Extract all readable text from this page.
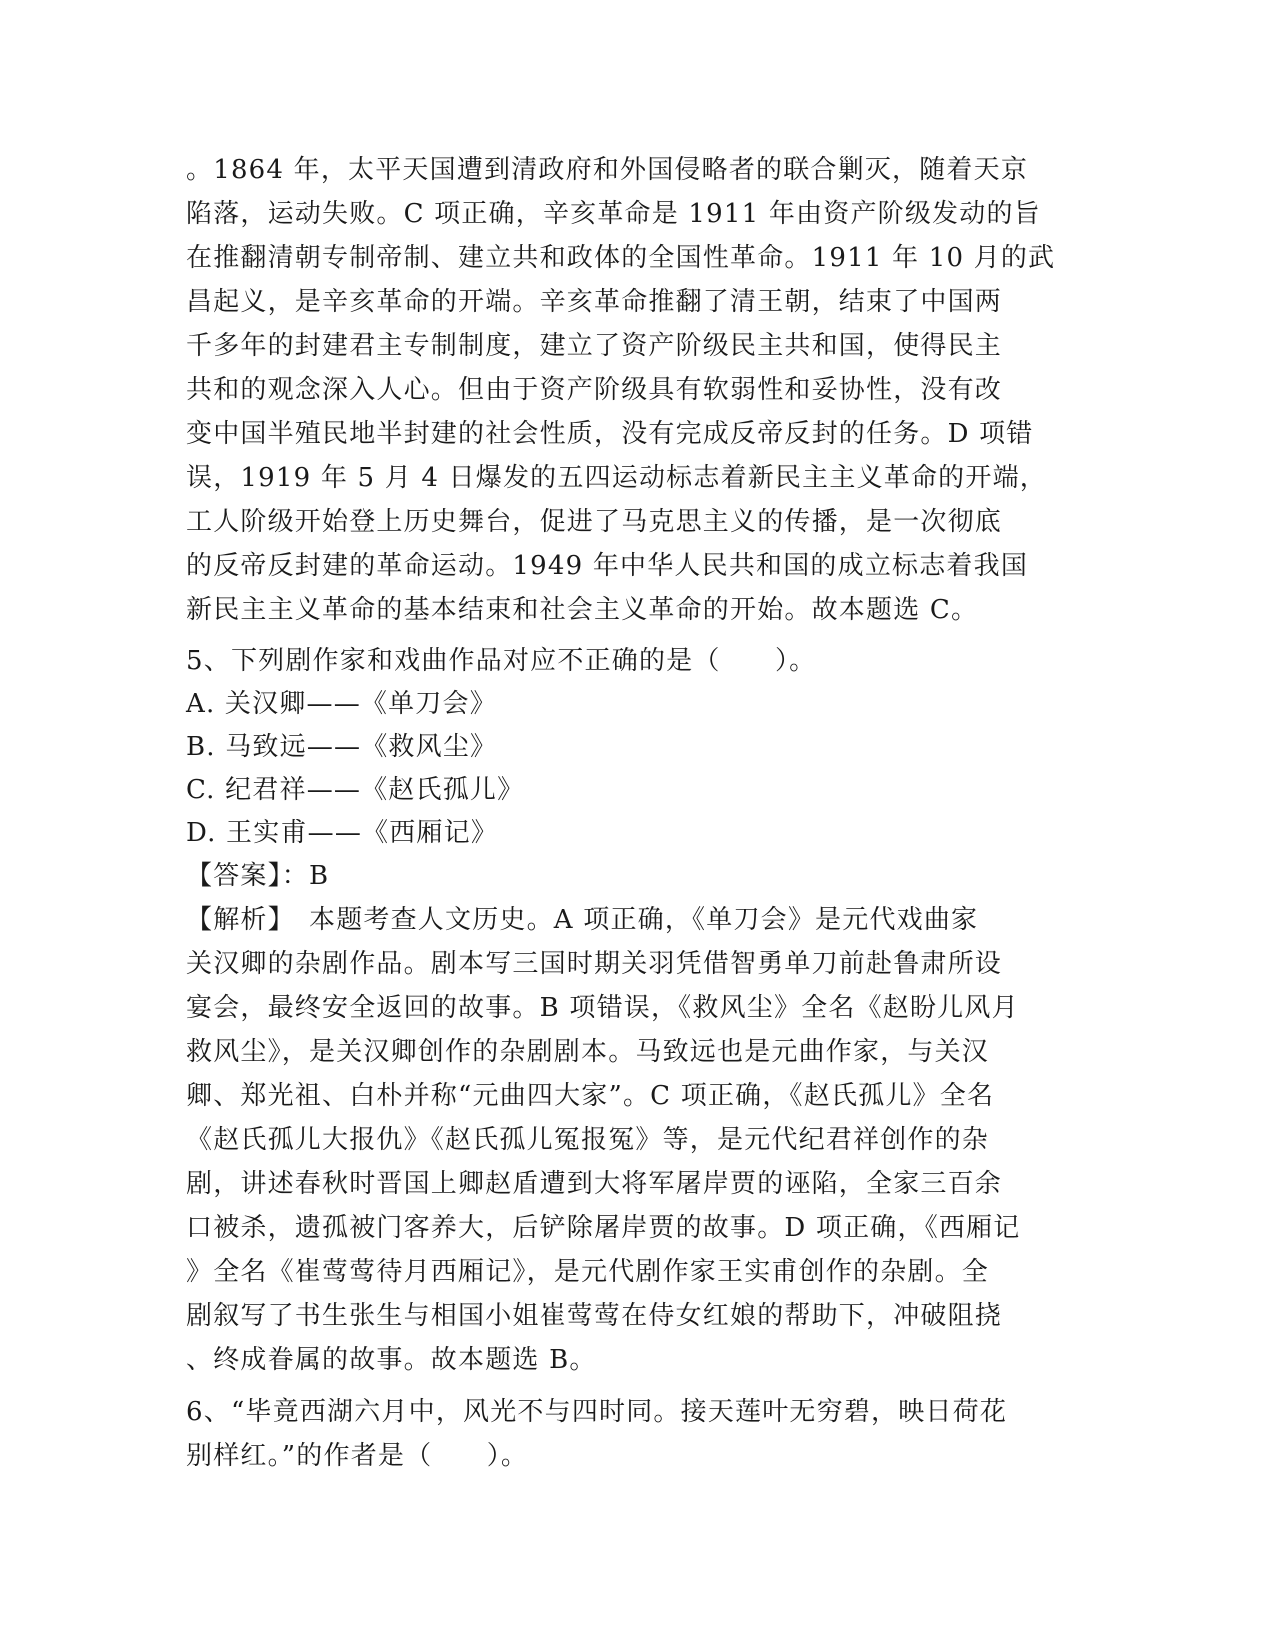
。1864 年，太平天国遭到清政府和外国侵略者的联合剿灭，随着天京
陷落，运动失败。C 项正确，辛亥革命是 1911 年由资产阶级发动的旨
在推翻清朝专制帝制、建立共和政体的全国性革命。1911 年 10 月的武
昌起义，是辛亥革命的开端。辛亥革命推翻了清王朝，结束了中国两
千多年的封建君主专制制度，建立了资产阶级民主共和国，使得民主
共和的观念深入人心。但由于资产阶级具有软弱性和妥协性，没有改
变中国半殖民地半封建的社会性质，没有完成反帝反封的任务。D 项错
误，1919 年 5 月 4 日爆发的五四运动标志着新民主主义革命的开端，
工人阶级开始登上历史舞台，促进了马克思主义的传播，是一次彻底
的反帝反封建的革命运动。1949 年中华人民共和国的成立标志着我国
新民主主义革命的基本结束和社会主义革命的开始。故本题选 C。
5、下列剧作家和戏曲作品对应不正确的是（　　）。
A. 关汉卿——《单刀会》
B. 马致远——《救风尘》
C. 纪君祥——《赵氏孤儿》
D. 王实甫——《西厢记》
【答案】：B
【解析】　本题考查人文历史。A 项正确，《单刀会》是元代戏曲家
关汉卿的杂剧作品。剧本写三国时期关羽凭借智勇单刀前赴鲁肃所设
宴会，最终安全返回的故事。B 项错误，《救风尘》全名《赵盼儿风月
救风尘》，是关汉卿创作的杂剧剧本。马致远也是元曲作家，与关汉
卿、郑光祖、白朴并称“元曲四大家”。C 项正确，《赵氏孤儿》全名
《赵氏孤儿大报仇》《赵氏孤儿冤报冤》等，是元代纪君祥创作的杂
剧，讲述春秋时晋国上卿赵盾遭到大将军屠岸贾的诬陷，全家三百余
口被杀，遗孤被门客养大，后铲除屠岸贾的故事。D 项正确，《西厢记
》全名《崔莺莺待月西厢记》，是元代剧作家王实甫创作的杂剧。全
剧叙写了书生张生与相国小姐崔莺莺在侍女红娘的帮助下，冲破阻挠
、终成眷属的故事。故本题选 B。
6、“毕竟西湖六月中，风光不与四时同。接天莲叶无穷碧，映日荷花
别样红。”的作者是（　　）。
